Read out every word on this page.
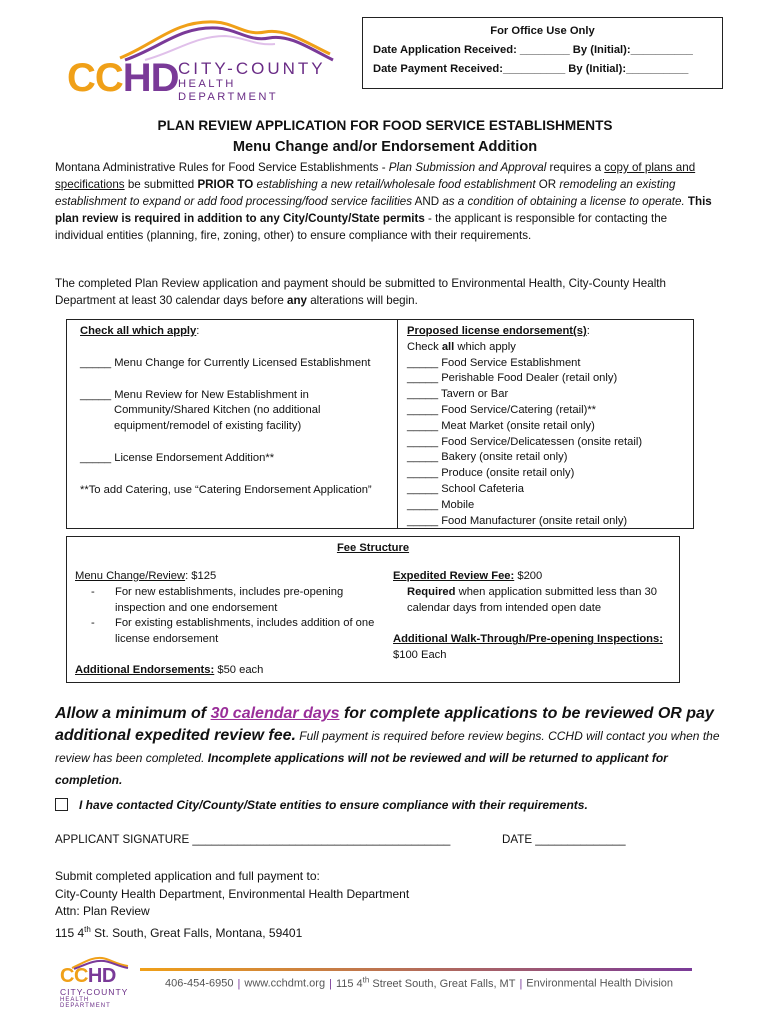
CCHD CITY-COUNTY
HEALTH DEPARTMENT
For Office Use Only
Date Application Received: ________ By (Initial):__________
Date Payment Received:__________ By (Initial):__________
PLAN REVIEW APPLICATION FOR FOOD SERVICE ESTABLISHMENTS
Menu Change and/or Endorsement Addition
Montana Administrative Rules for Food Service Establishments - Plan Submission and Approval requires a copy of plans and specifications be submitted PRIOR TO establishing a new retail/wholesale food establishment OR remodeling an existing establishment to expand or add food processing/food service facilities AND as a condition of obtaining a license to operate. This plan review is required in addition to any City/County/State permits - the applicant is responsible for contacting the individual entities (planning, fire, zoning, other) to ensure compliance with their requirements.
The completed Plan Review application and payment should be submitted to Environmental Health, City-County Health Department at least 30 calendar days before any alterations will begin.
Check all which apply:
_____ Menu Change for Currently Licensed Establishment
_____ Menu Review for New Establishment in Community/Shared Kitchen (no additional equipment/remodel of existing facility)
_____ License Endorsement Addition**
**To add Catering, use “Catering Endorsement Application”
Proposed license endorsement(s):
Check all which apply
_____ Food Service Establishment
_____ Perishable Food Dealer (retail only)
_____ Tavern or Bar
_____ Food Service/Catering (retail)**
_____ Meat Market (onsite retail only)
_____ Food Service/Delicatessen (onsite retail)
_____ Bakery (onsite retail only)
_____ Produce (onsite retail only)
_____ School Cafeteria
_____ Mobile
_____ Food Manufacturer (onsite retail only)
Fee Structure
Menu Change/Review: $125
- For new establishments, includes pre-opening inspection and one endorsement
- For existing establishments, includes addition of one license endorsement
Expedited Review Fee: $200
Required when application submitted less than 30 calendar days from intended open date
Additional Walk-Through/Pre-opening Inspections:
$100 Each
Additional Endorsements: $50 each
Allow a minimum of 30 calendar days for complete applications to be reviewed OR pay additional expedited review fee. Full payment is required before review begins. CCHD will contact you when the review has been completed. Incomplete applications will not be reviewed and will be returned to applicant for completion.
I have contacted City/County/State entities to ensure compliance with their requirements.
APPLICANT SIGNATURE ________________________________________	DATE ______________
Submit completed application and full payment to:
City-County Health Department, Environmental Health Department
Attn: Plan Review
115 4th St. South, Great Falls, Montana, 59401
CCHD
CITY-COUNTY
HEALTH DEPARTMENT
406-454-6950 | www.cchdmt.org | 115 4th Street South, Great Falls, MT | Environmental Health Division
